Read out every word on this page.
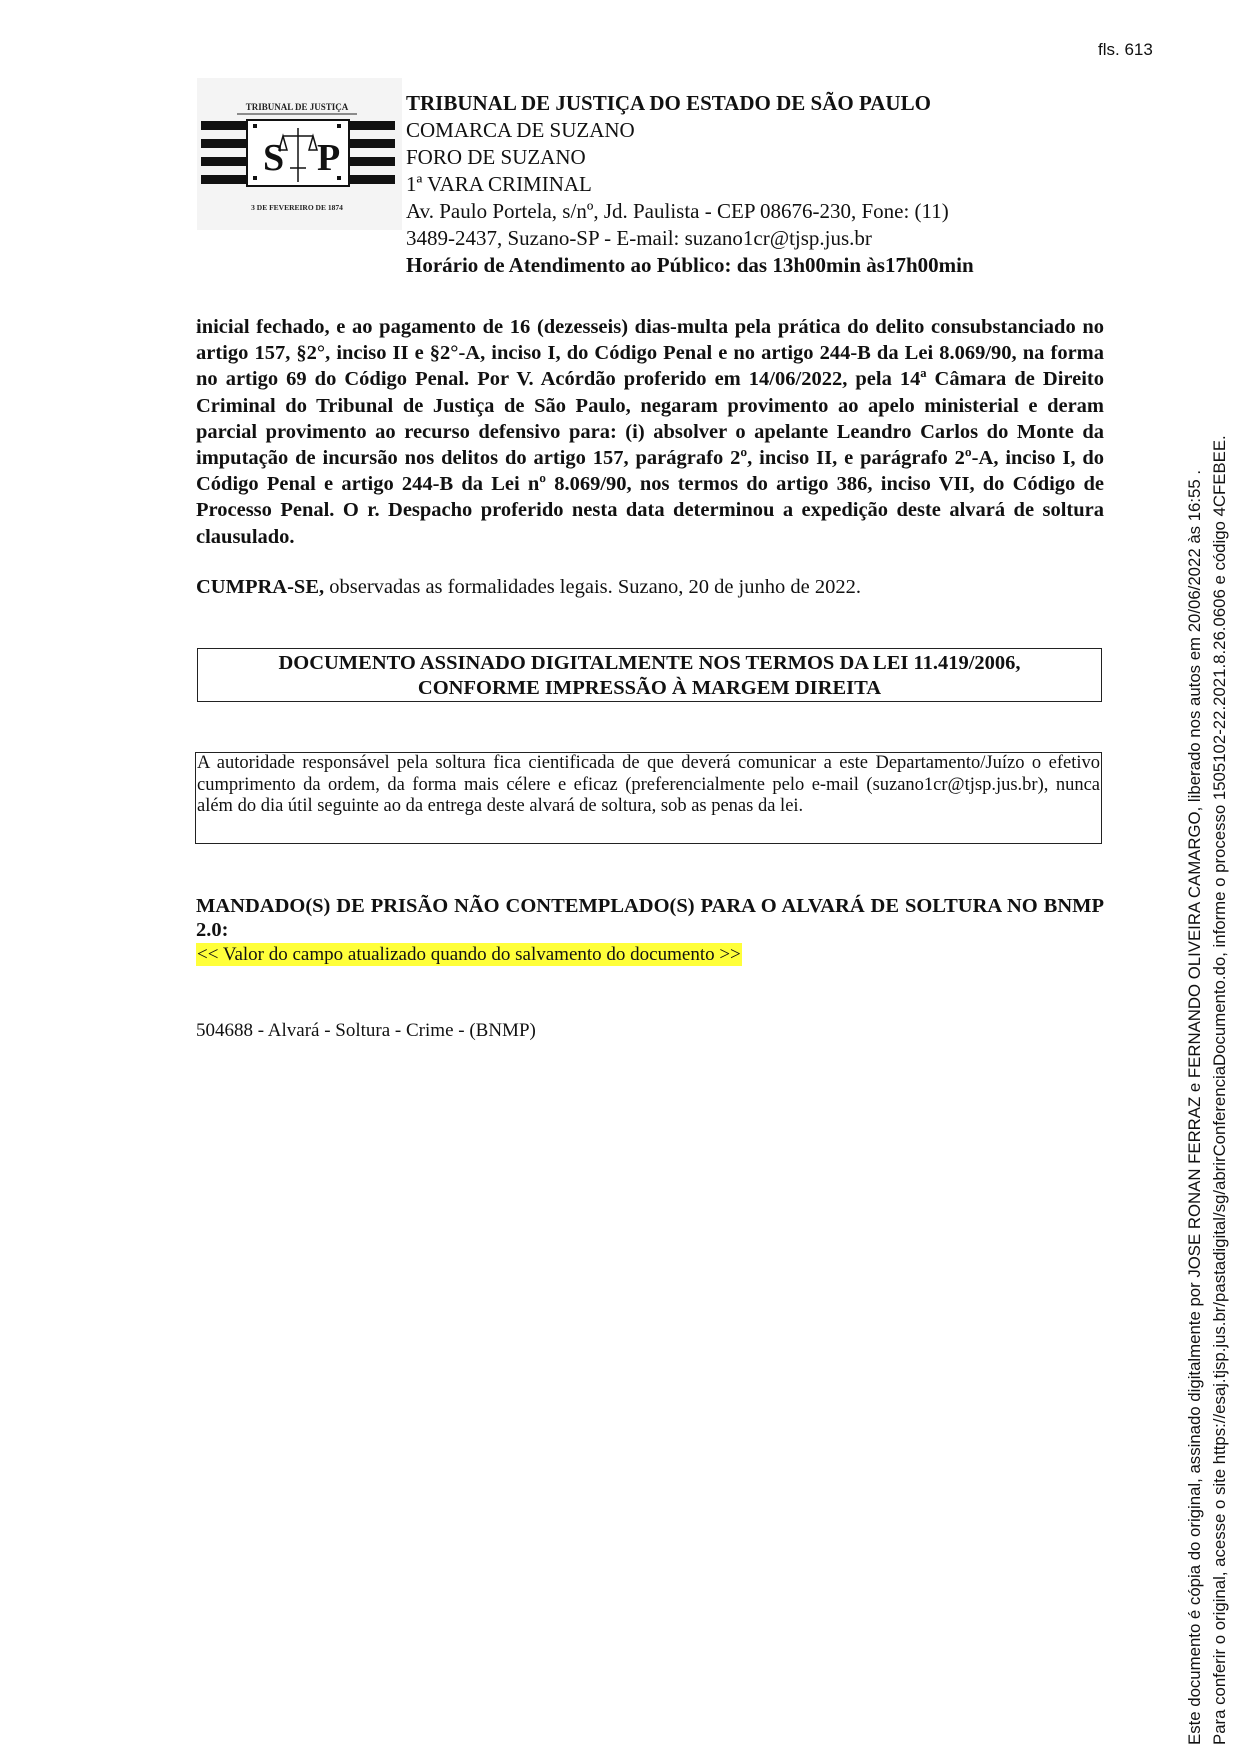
fls. 613
TRIBUNAL DE JUSTIÇA
S P
3 DE FEVEREIRO DE 1874
TRIBUNAL DE JUSTIÇA DO ESTADO DE SÃO PAULO
COMARCA DE SUZANO
FORO DE SUZANO
1ª VARA CRIMINAL
Av. Paulo Portela, s/nº, Jd. Paulista - CEP 08676-230, Fone: (11)
3489-2437, Suzano-SP - E-mail: suzano1cr@tjsp.jus.br
Horário de Atendimento ao Público: das 13h00min às17h00min
inicial fechado, e ao pagamento de 16 (dezesseis) dias-multa pela prática do delito consubstanciado no artigo 157, §2°, inciso II e §2°-A, inciso I, do Código Penal e no artigo 244-B da Lei 8.069/90, na forma no artigo 69 do Código Penal. Por V. Acórdão proferido em 14/06/2022, pela 14ª Câmara de Direito Criminal do Tribunal de Justiça de São Paulo, negaram provimento ao apelo ministerial e deram parcial provimento ao recurso defensivo para: (i) absolver o apelante Leandro Carlos do Monte da imputação de incursão nos delitos do artigo 157, parágrafo 2º, inciso II, e parágrafo 2º-A, inciso I, do Código Penal e artigo 244-B da Lei nº 8.069/90, nos termos do artigo 386, inciso VII, do Código de Processo Penal. O r. Despacho proferido nesta data determinou a expedição deste alvará de soltura clausulado.
CUMPRA-SE, observadas as formalidades legais. Suzano, 20 de junho de 2022.
DOCUMENTO ASSINADO DIGITALMENTE NOS TERMOS DA LEI 11.419/2006,
CONFORME IMPRESSÃO À MARGEM DIREITA
A autoridade responsável pela soltura fica cientificada de que deverá comunicar a este Departamento/Juízo o efetivo cumprimento da ordem, da forma mais célere e eficaz (preferencialmente pelo e-mail (suzano1cr@tjsp.jus.br), nunca além do dia útil seguinte ao da entrega deste alvará de soltura, sob as penas da lei.
MANDADO(S) DE PRISÃO NÃO CONTEMPLADO(S) PARA O ALVARÁ DE SOLTURA NO BNMP 2.0:
<< Valor do campo atualizado quando do salvamento do documento >>
504688 - Alvará - Soltura - Crime - (BNMP)	Este documento é cópia do original, assinado digitalmente por JOSE RONAN FERRAZ e FERNANDO OLIVEIRA CAMARGO, liberado nos autos em 20/06/2022 às 16:55 . Para conferir o original, acesse o site https://esaj.tjsp.jus.br/pastadigital/sg/abrirConferenciaDocumento.do, informe o processo 1505102-22.2021.8.26.0606 e código 4CFEBEE.
